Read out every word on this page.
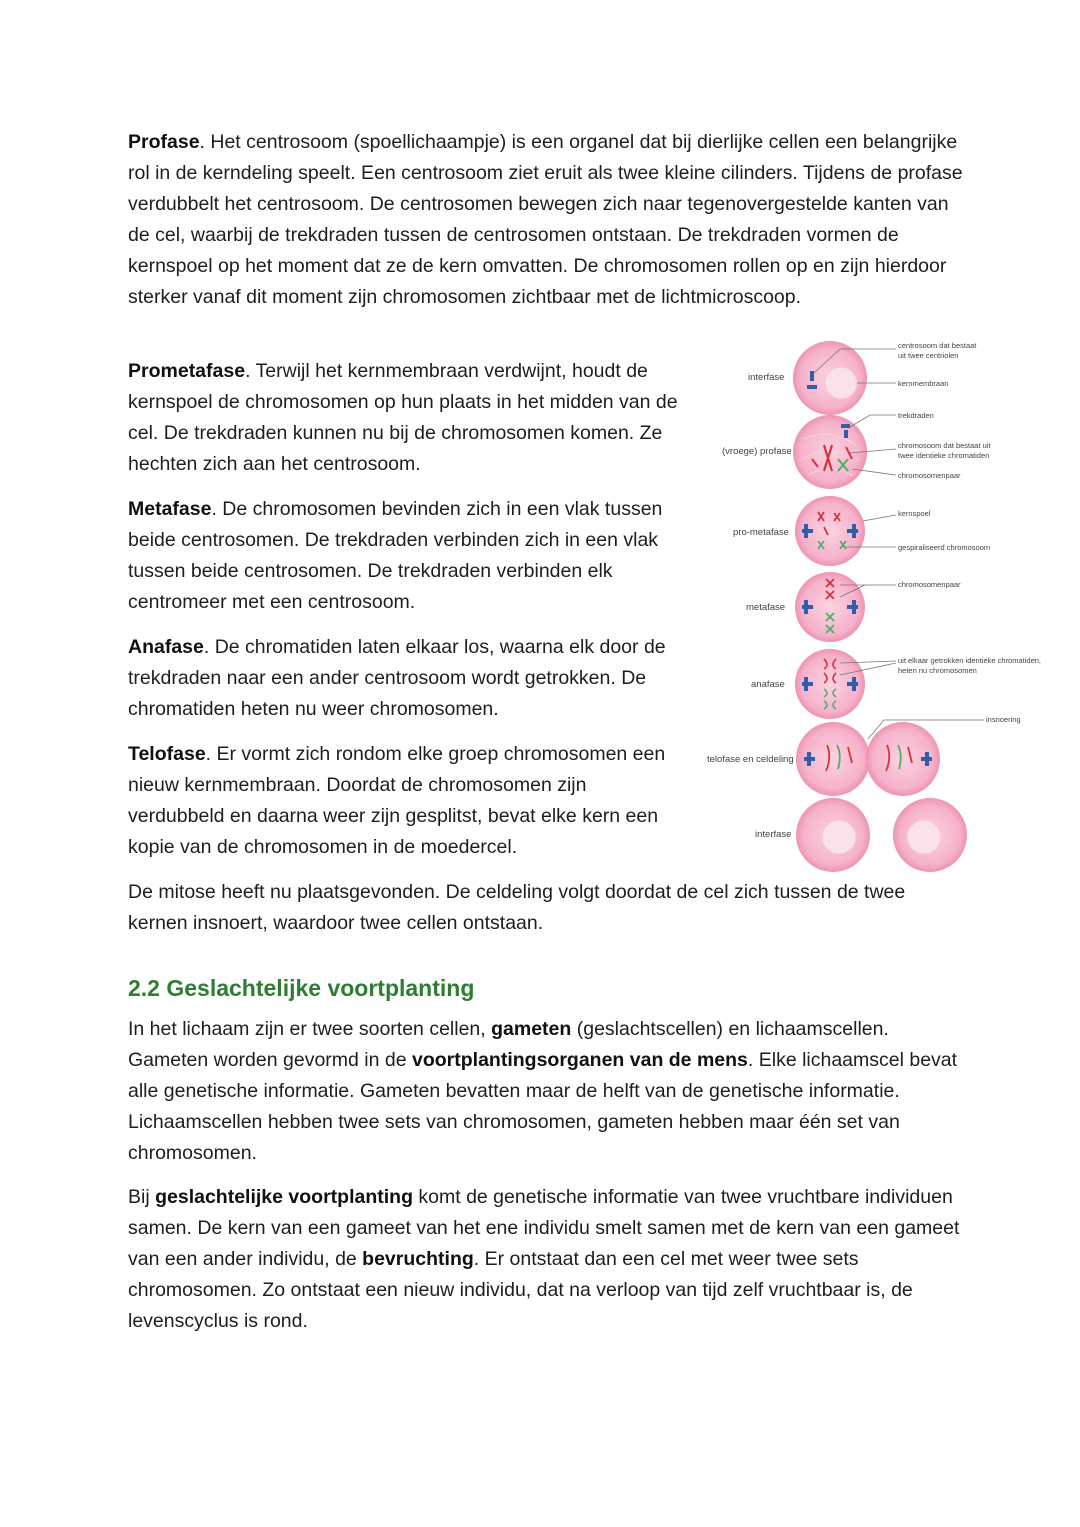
Profase. Het centrosoom (spoellichaampje) is een organel dat bij dierlijke cellen een belangrijke rol in de kerndeling speelt. Een centrosoom ziet eruit als twee kleine cilinders. Tijdens de profase verdubbelt het centrosoom. De centrosomen bewegen zich naar tegenovergestelde kanten van de cel, waarbij de trekdraden tussen de centrosomen ontstaan. De trekdraden vormen de kernspoel op het moment dat ze de kern omvatten. De chromosomen rollen op en zijn hierdoor sterker vanaf dit moment zijn chromosomen zichtbaar met de lichtmicroscoop.

Prometafase. Terwijl het kernmembraan verdwijnt, houdt de kernspoel de chromosomen op hun plaats in het midden van de cel. De trekdraden kunnen nu bij de chromosomen komen. Ze hechten zich aan het centrosoom.

Metafase. De chromosomen bevinden zich in een vlak tussen beide centrosomen. De trekdraden verbinden zich in een vlak tussen beide centrosomen. De trekdraden verbinden elk centromeer met een centrosoom.

Anafase. De chromatiden laten elkaar los, waarna elk door de trekdraden naar een ander centrosoom wordt getrokken. De chromatiden heten nu weer chromosomen.

Telofase. Er vormt zich rondom elke groep chromosomen een nieuw kernmembraan. Doordat de chromosomen zijn verdubbeld en daarna weer zijn gesplitst, bevat elke kern een kopie van de chromosomen in de moedercel.

De mitose heeft nu plaatsgevonden. De celdeling volgt doordat de cel zich tussen de twee kernen insnoert, waardoor twee cellen ontstaan.

2.2 Geslachtelijke voortplanting

In het lichaam zijn er twee soorten cellen, gameten (geslachtscellen) en lichaamscellen. Gameten worden gevormd in de voortplantingsorganen van de mens. Elke lichaamscel bevat alle genetische informatie. Gameten bevatten maar de helft van de genetische informatie. Lichaamscellen hebben twee sets van chromosomen, gameten hebben maar één set van chromosomen.

Bij geslachtelijke voortplanting komt de genetische informatie van twee vruchtbare individuen samen. De kern van een gameet van het ene individu smelt samen met de kern van een gameet van een ander individu, de bevruchting. Er ontstaat dan een cel met weer twee sets chromosomen. Zo ontstaat een nieuw individu, dat na verloop van tijd zelf vruchtbaar is, de levenscyclus is rond.

interfase
(vroege) profase
pro-metafase
metafase
anafase
telofase en celdeling
interfase
centrosoom dat bestaat
uit twee centriolen
kernmembraan
trekdraden
chromosoom dat bestaat uit
twee identieke chromatiden
chromosomenpaar
kernspoel
gespiraliseerd chromosoom
chromosomenpaar
uit elkaar getrokken identieke chromatiden,
heten nu chromosomen
insnoering
